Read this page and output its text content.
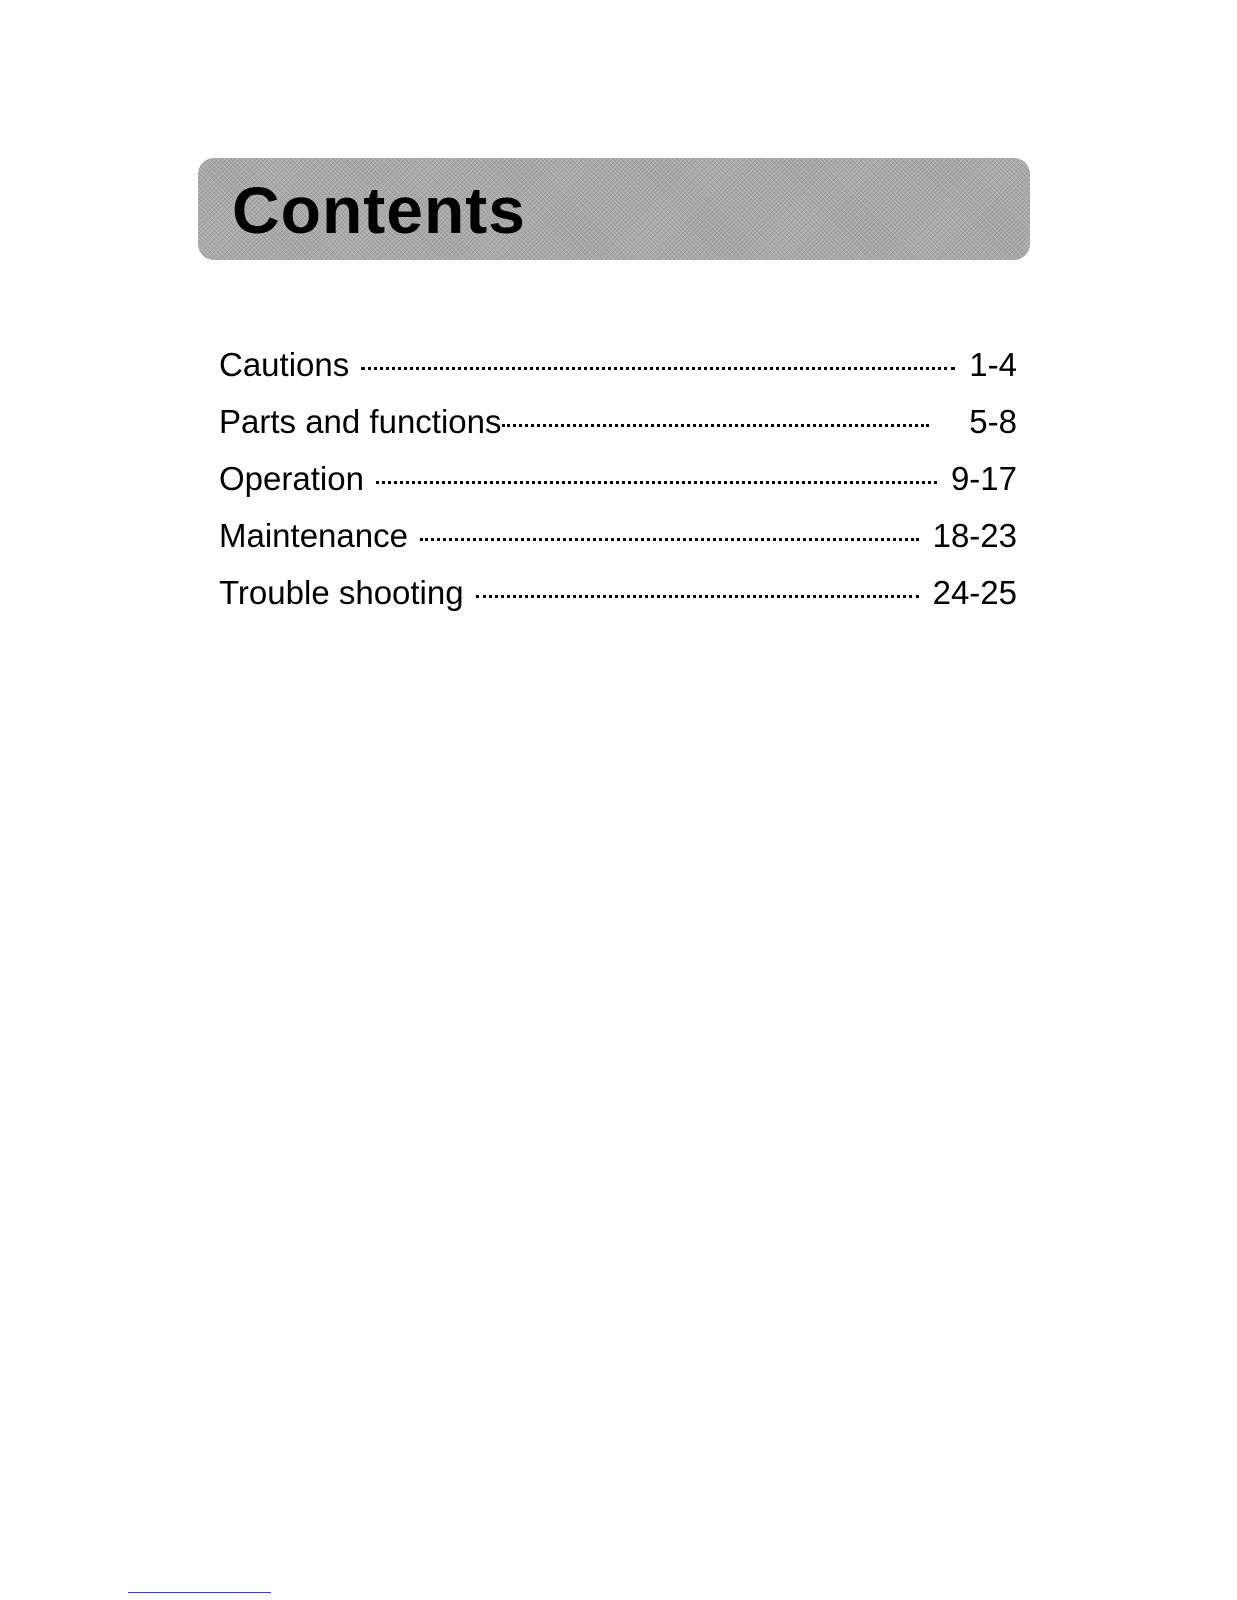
Contents
Cautions	1-4
Parts and functions	5-8
Operation	9-17
Maintenance	18-23
Trouble shooting	24-25
